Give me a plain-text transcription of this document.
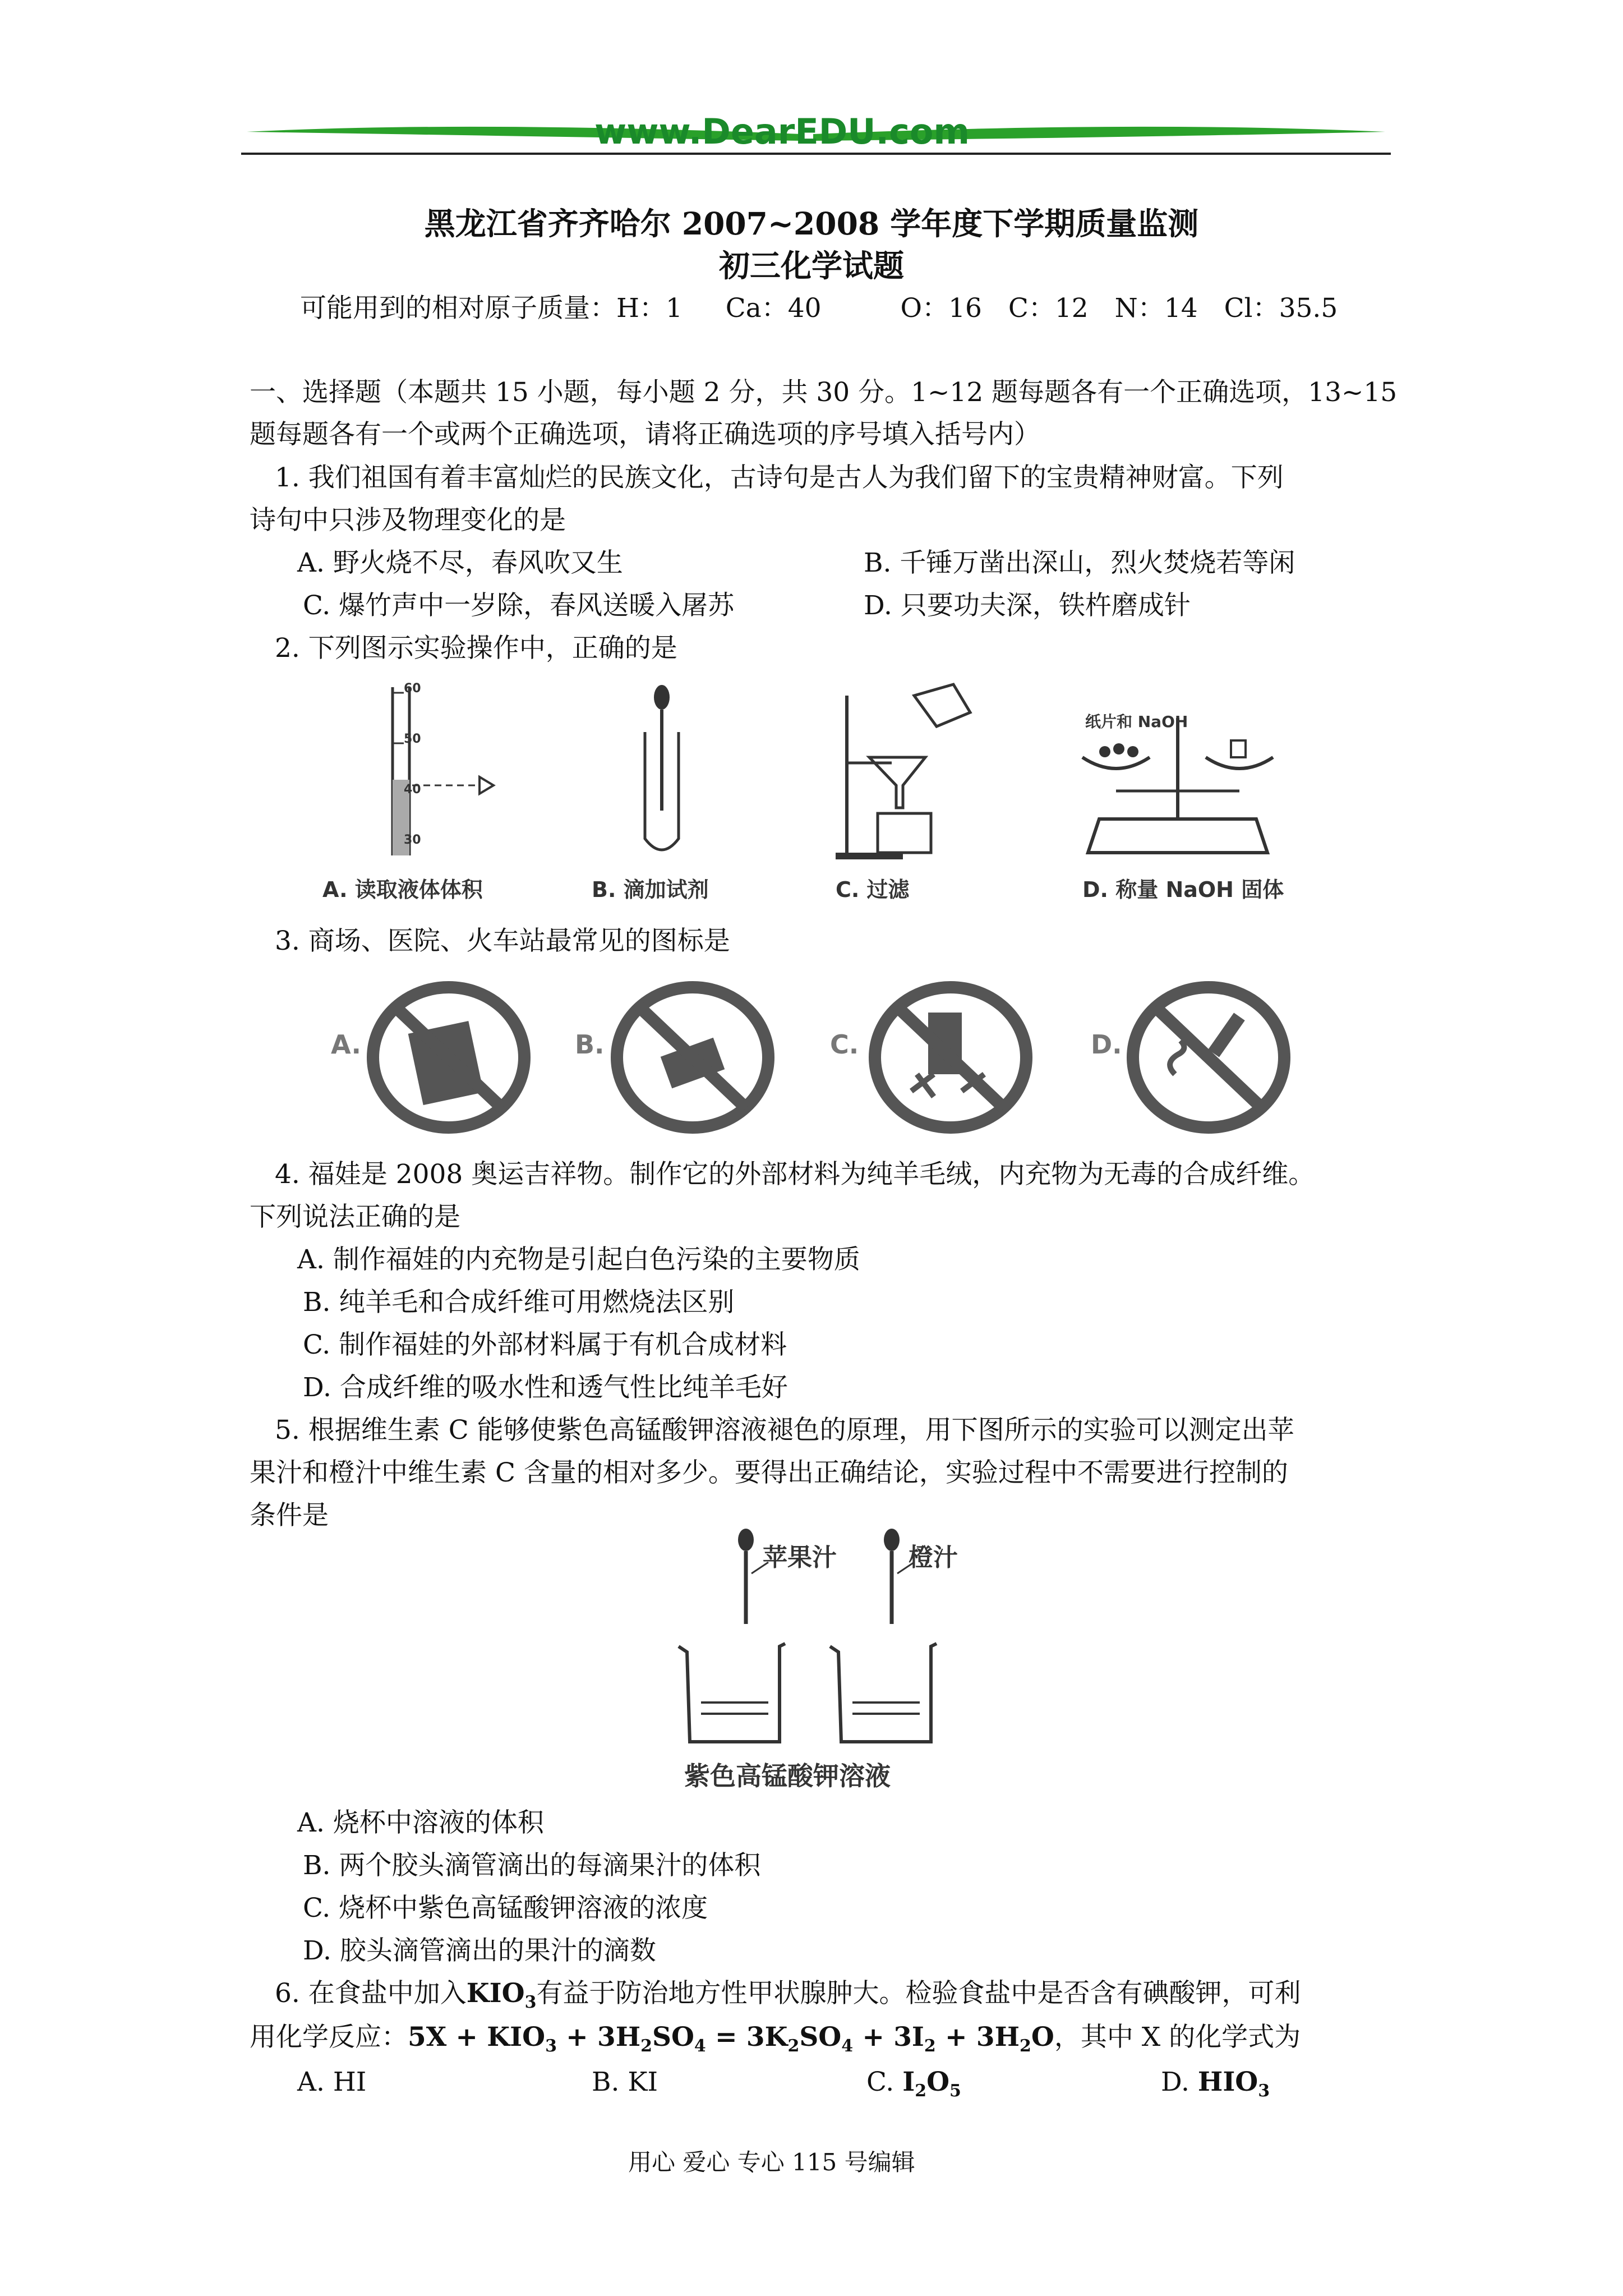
www.DearEDU.com
黑龙江省齐齐哈尔 2007~2008 学年度下学期质量监测
初三化学试题
可能用到的相对原子质量：H：1 　 Ca：40　　　O：16　C：12　N：14　Cl：35.5
一、选择题（本题共 15 小题，每小题 2 分，共 30 分。1~12 题每题各有一个正确选项，13~15
题每题各有一个或两个正确选项，请将正确选项的序号填入括号内）
1. 我们祖国有着丰富灿烂的民族文化，古诗句是古人为我们留下的宝贵精神财富。下列
诗句中只涉及物理变化的是
A. 野火烧不尽，春风吹又生	B. 千锤万凿出深山，烈火焚烧若等闲
C. 爆竹声中一岁除，春风送暖入屠苏	D. 只要功夫深，铁杵磨成针
2. 下列图示实验操作中，正确的是
60
50
40
30
A. 读取液体体积	B. 滴加试剂	C. 过滤
纸片和 NaOH
D. 称量 NaOH 固体
3. 商场、医院、火车站最常见的图标是
A.	B.	C.	D.
4. 福娃是 2008 奥运吉祥物。制作它的外部材料为纯羊毛绒，内充物为无毒的合成纤维。
下列说法正确的是
A. 制作福娃的内充物是引起白色污染的主要物质
B. 纯羊毛和合成纤维可用燃烧法区别
C. 制作福娃的外部材料属于有机合成材料
D. 合成纤维的吸水性和透气性比纯羊毛好
5. 根据维生素 C 能够使紫色高锰酸钾溶液褪色的原理，用下图所示的实验可以测定出苹
果汁和橙汁中维生素 C 含量的相对多少。要得出正确结论，实验过程中不需要进行控制的
条件是
苹果汁	橙汁
紫色高锰酸钾溶液
A. 烧杯中溶液的体积
B. 两个胶头滴管滴出的每滴果汁的体积
C. 烧杯中紫色高锰酸钾溶液的浓度
D. 胶头滴管滴出的果汁的滴数
6. 在食盐中加入$KIO_3$有益于防治地方性甲状腺肿大。检验食盐中是否含有碘酸钾，可利
用化学反应：$5X + KIO_3 + 3H_2SO_4 = 3K_2SO_4 + 3I_2 + 3H_2O$，其中 X 的化学式为
A. HI	B. KI	C. $I_2O_5$	D. $HIO_3$
用心 爱心 专心 115 号编辑
